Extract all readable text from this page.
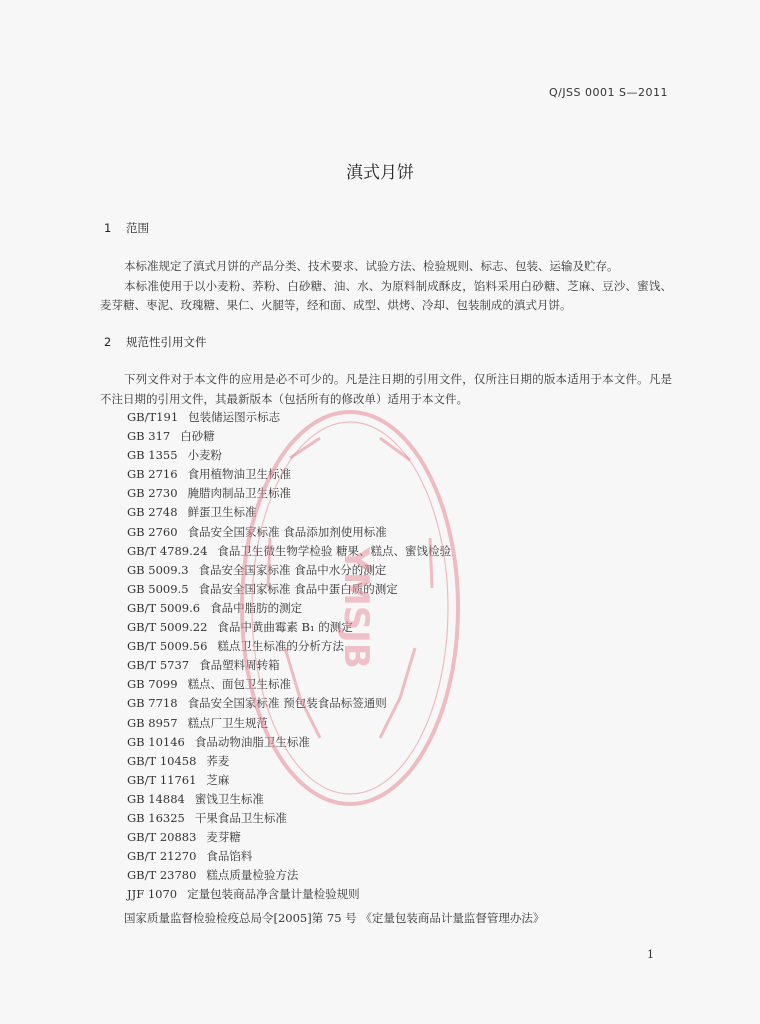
Q/JSS 0001 S—2011
滇式月饼
1 范围

本标准规定了滇式月饼的产品分类、技术要求、试验方法、检验规则、标志、包装、运输及贮存。

本标准使用于以小麦粉、荞粉、白砂糖、油、水、为原料制成酥皮，馅料采用白砂糖、芝麻、豆沙、蜜饯、麦芽糖、枣泥、玫瑰糖、果仁、火腿等，经和面、成型、烘烤、冷却、包装制成的滇式月饼。

2 规范性引用文件

下列文件对于本文件的应用是必不可少的。凡是注日期的引用文件，仅所注日期的版本适用于本文件。凡是不注日期的引用文件，其最新版本（包括所有的修改单）适用于本文件。

GB/T191 包装储运图示标志
GB 317 白砂糖
GB 1355 小麦粉
GB 2716 食用植物油卫生标准
GB 2730 腌腊肉制品卫生标准
GB 2748 鲜蛋卫生标准
GB 2760 食品安全国家标准 食品添加剂使用标准
GB/T 4789.24 食品卫生微生物学检验 糖果、糕点、蜜饯检验
GB 5009.3 食品安全国家标准 食品中水分的测定
GB 5009.5 食品安全国家标准 食品中蛋白质的测定
GB/T 5009.6 食品中脂肪的测定
GB/T 5009.22 食品中黄曲霉素 B₁ 的测定
GB/T 5009.56 糕点卫生标准的分析方法
GB/T 5737 食品塑料周转箱
GB 7099 糕点、面包卫生标准
GB 7718 食品安全国家标准 预包装食品标签通则
GB 8957 糕点厂卫生规范
GB 10146 食品动物油脂卫生标准
GB/T 10458 荞麦
GB/T 11761 芝麻
GB 14884 蜜饯卫生标准
GB 16325 干果食品卫生标准
GB/T 20883 麦芽糖
GB/T 21270 食品馅料
GB/T 23780 糕点质量检验方法
JJF 1070 定量包装商品净含量计量检验规则
国家质量监督检验检疫总局令[2005]第 75 号 《定量包装商品计量监督管理办法》
1
YMSJB
